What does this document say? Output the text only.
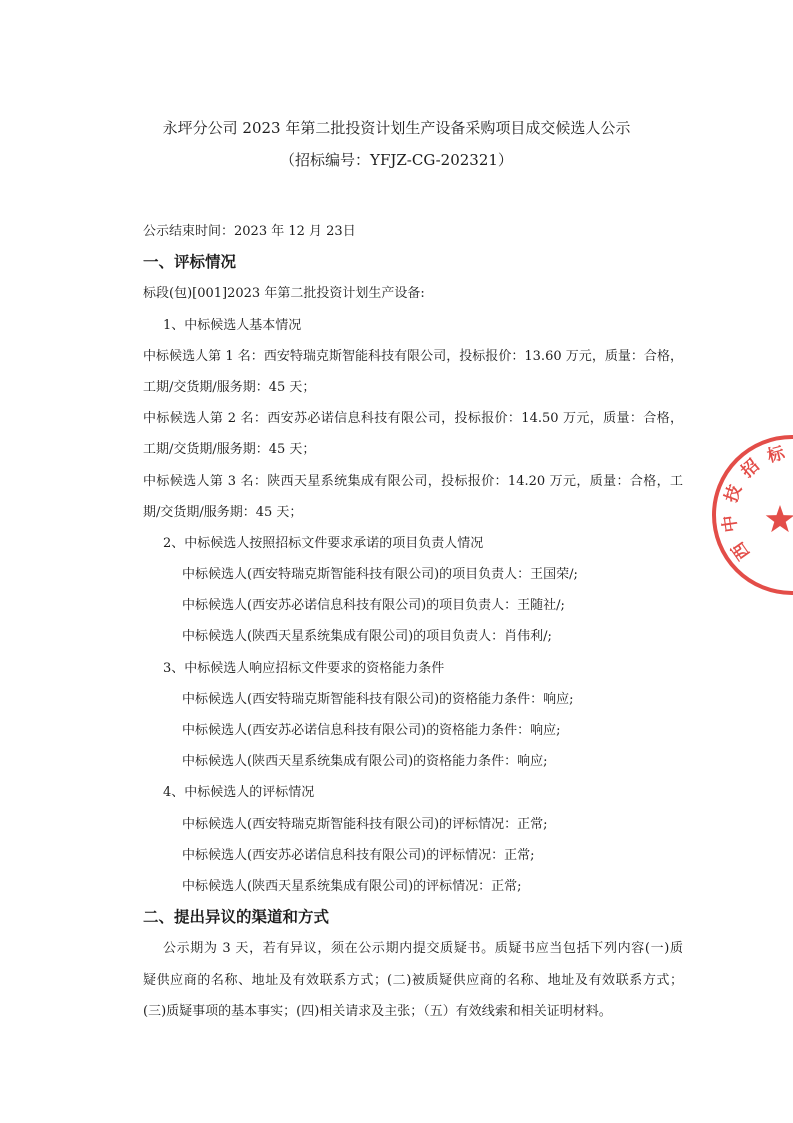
永坪分公司 2023 年第二批投资计划生产设备采购项目成交候选人公示
（招标编号：YFJZ-CG-202321）
公示结束时间：2023 年 12 月 23日
一、评标情况
标段(包)[001]2023 年第二批投资计划生产设备:
1、中标候选人基本情况
中标候选人第 1 名：西安特瑞克斯智能科技有限公司，投标报价：13.60 万元，质量：合格，
工期/交货期/服务期：45 天；
中标候选人第 2 名：西安苏必诺信息科技有限公司，投标报价：14.50 万元，质量：合格，
工期/交货期/服务期：45 天；
中标候选人第 3 名：陕西天星系统集成有限公司，投标报价：14.20 万元，质量：合格，工
期/交货期/服务期：45 天；
2、中标候选人按照招标文件要求承诺的项目负责人情况
中标候选人(西安特瑞克斯智能科技有限公司)的项目负责人：王国荣/;
中标候选人(西安苏必诺信息科技有限公司)的项目负责人：王随社/;
中标候选人(陕西天星系统集成有限公司)的项目负责人：肖伟利/;
3、中标候选人响应招标文件要求的资格能力条件
中标候选人(西安特瑞克斯智能科技有限公司)的资格能力条件：响应;
中标候选人(西安苏必诺信息科技有限公司)的资格能力条件：响应;
中标候选人(陕西天星系统集成有限公司)的资格能力条件：响应;
4、中标候选人的评标情况
中标候选人(西安特瑞克斯智能科技有限公司)的评标情况：正常;
中标候选人(西安苏必诺信息科技有限公司)的评标情况：正常;
中标候选人(陕西天星系统集成有限公司)的评标情况：正常;
二、提出异议的渠道和方式
公示期为 3 天，若有异议，须在公示期内提交质疑书。质疑书应当包括下列内容(一)质
疑供应商的名称、地址及有效联系方式；(二)被质疑供应商的名称、地址及有效联系方式；
(三)质疑事项的基本事实；(四)相关请求及主张；（五）有效线索和相关证明材料。
西
中
技
招
标
